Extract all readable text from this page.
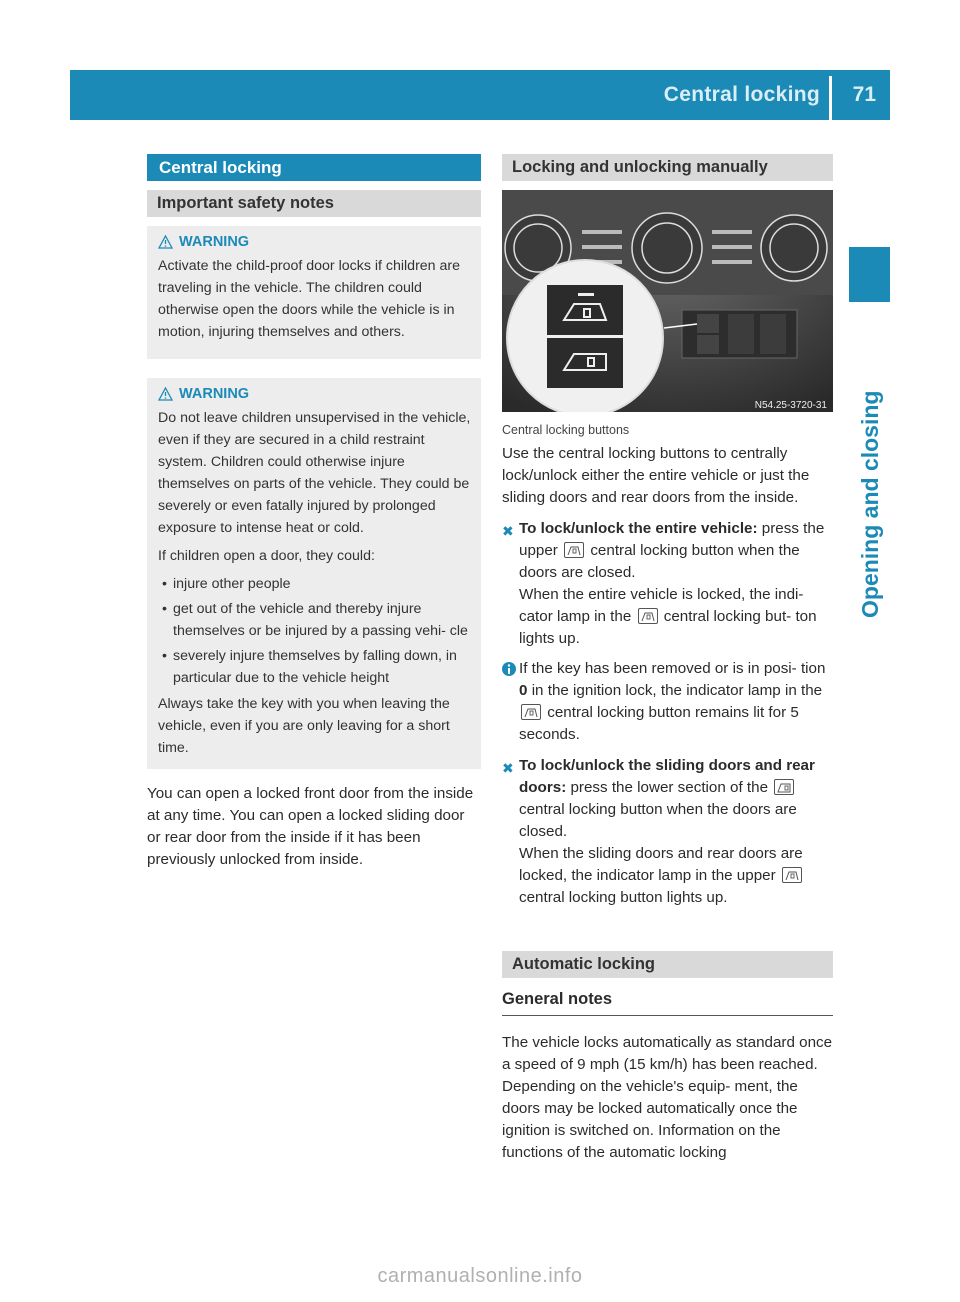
Central locking 71
Opening and closing
Central locking
Important safety notes
WARNING

Activate the child-proof door locks if children are traveling in the vehicle. The children could otherwise open the doors while the vehicle is in motion, injuring themselves and others.

WARNING

Do not leave children unsupervised in the vehicle, even if they are secured in a child restraint system. Children could otherwise injure themselves on parts of the vehicle. They could be severely or even fatally injured by prolonged exposure to intense heat or cold.

If children open a door, they could:

• injure other people
• get out of the vehicle and thereby injure themselves or be injured by a passing vehi- cle
• severely injure themselves by falling down, in particular due to the vehicle height

Always take the key with you when leaving the vehicle, even if you are only leaving for a short time.

You can open a locked front door from the inside at any time. You can open a locked sliding door or rear door from the inside if it has been previously unlocked from inside.

Locking and unlocking manually
N54.25-3720-31
Central locking buttons

Use the central locking buttons to centrally lock/unlock either the entire vehicle or just the sliding doors and rear doors from the inside.

✖ To lock/unlock the entire vehicle: press the upper central locking button when the doors are closed.
When the entire vehicle is locked, the indi- cator lamp in the central locking but- ton lights up.
If the key has been removed or is in posi- tion 0 in the ignition lock, the indicator lamp in the
central locking button remains lit for 5 seconds.
✖ To lock/unlock the sliding doors and rear doors: press the lower section of the
central locking button when the doors are closed.
When the sliding doors and rear doors are locked, the indicator lamp in the upper
central locking button lights up.
Automatic locking
General notes

The vehicle locks automatically as standard once a speed of 9 mph (15 km/h) has been reached. Depending on the vehicle's equip- ment, the doors may be locked automatically once the ignition is switched on. Information on the functions of the automatic locking

carmanualsonline.info
